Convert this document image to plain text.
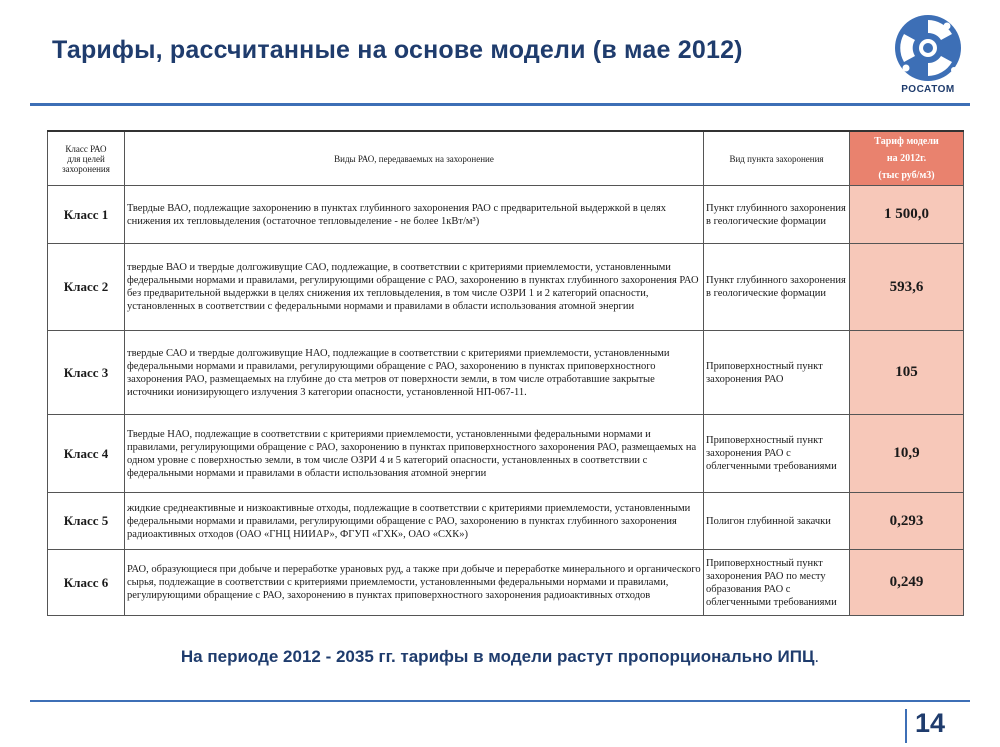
Тарифы, рассчитанные на основе модели (в мае 2012)
РОСАТОМ
Класс РАО
для целей
захоронения	Виды РАО, передаваемых на захоронение	Вид пункта захоронения	Тариф модели
на 2012г.
(тыс руб/м3)
Класс 1	Твердые ВАО, подлежащие захоронению в пунктах глубинного захоронения РАО с предварительной выдержкой в целях снижения их тепловыделения (остаточное тепловыделение - не более 1кВт/м³)	Пункт глубинного захоронения в геологические формации	1 500,0
Класс 2	твердые ВАО и твердые долгоживущие САО, подлежащие, в соответствии с критериями приемлемости, установленными федеральными нормами и правилами, регулирующими обращение с РАО, захоронению в пунктах глубинного захоронения РАО без предварительной выдержки в целях снижения их тепловыделения, в том числе ОЗРИ 1 и 2 категорий опасности, установленных в соответствии с федеральными нормами и правилами в области использования атомной энергии	Пункт глубинного захоронения в геологические формации	593,6
Класс 3	твердые САО и твердые долгоживущие НАО, подлежащие в соответствии с критериями приемлемости, установленными федеральными нормами и правилами, регулирующими обращение с РАО, захоронению в пунктах приповерхностного захоронения РАО, размещаемых на глубине до ста метров от поверхности земли, в том числе отработавшие закрытые источники ионизирующего излучения 3 категории опасности, установленной НП-067-11.	Приповерхностный пункт захоронения РАО	105
Класс 4	Твердые НАО, подлежащие в соответствии с критериями приемлемости, установленными федеральными нормами и правилами, регулирующими обращение с РАО, захоронению в пунктах приповерхностного захоронения РАО, размещаемых на одном уровне с поверхностью земли, в том числе ОЗРИ 4 и 5 категорий опасности, установленных в соответствии с федеральными нормами и правилами в области использования атомной энергии	Приповерхностный пункт захоронения РАО с облегченными требованиями	10,9
Класс 5	жидкие среднеактивные и низкоактивные отходы, подлежащие в соответствии с критериями приемлемости, установленными федеральными нормами и правилами, регулирующими обращение с РАО, захоронению в пунктах глубинного захоронения радиоактивных отходов (ОАО «ГНЦ НИИАР», ФГУП «ГХК», ОАО «СХК»)	Полигон глубинной закачки	0,293
Класс 6	РАО, образующиеся при добыче и переработке урановых руд, а также при добыче и переработке минерального и органического сырья, подлежащие в соответствии с критериями приемлемости, установленными федеральными нормами и правилами, регулирующими обращение с РАО, захоронению в пунктах приповерхностного захоронения радиоактивных отходов	Приповерхностный пункт захоронения РАО по месту образования РАО с облегченными требованиями	0,249
На периоде 2012 - 2035 гг. тарифы в модели растут пропорционально ИПЦ.
14
